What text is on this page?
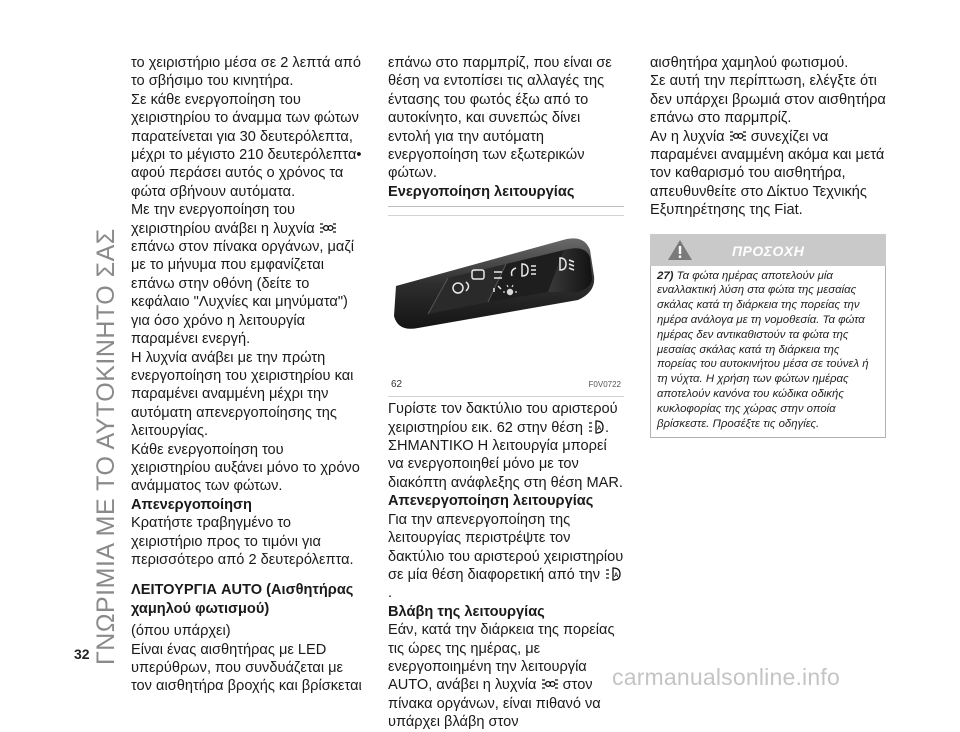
ΓΝΩΡΙΜΙΑ ΜΕ ΤΟ ΑΥΤΟΚΙΝΗΤΟ ΣΑΣ

το χειριστήριο μέσα σε 2 λεπτά από το σβήσιμο του κινητήρα.

Σε κάθε ενεργοποίηση του χειριστηρίου το άναμμα των φώτων παρατείνεται για 30 δευτερόλεπτα, μέχρι το μέγιστο 210 δευτερόλεπτα• αφού περάσει αυτός ο χρόνος τα φώτα σβήνουν αυτόματα.

Με την ενεργοποίηση του χειριστηρίου ανάβει η λυχνία  επάνω στον πίνακα οργάνων, μαζί με το μήνυμα που εμφανίζεται επάνω στην οθόνη (δείτε το κεφάλαιο "Λυχνίες και μηνύματα") για όσο χρόνο η λειτουργία παραμένει ενεργή.

Η λυχνία ανάβει με την πρώτη ενεργοποίηση του χειριστηρίου και παραμένει αναμμένη μέχρι την αυτόματη απενεργοποίησης της λειτουργίας.

Κάθε ενεργοποίηση του χειριστηρίου αυξάνει μόνο το χρόνο ανάμματος των φώτων.

Απενεργοποίηση

Κρατήστε τραβηγμένο το χειριστήριο προς το τιμόνι για περισσότερο από 2 δευτερόλεπτα.

ΛΕΙΤΟΥΡΓΙΑ AUTO (Αισθητήρας χαμηλού φωτισμού)

(όπου υπάρχει)

Είναι ένας αισθητήρας με LED υπερύθρων, που συνδυάζεται με τον αισθητήρα βροχής και βρίσκεται

επάνω στο παρμπρίζ, που είναι σε θέση να εντοπίσει τις αλλαγές της έντασης του φωτός έξω από το αυτοκίνητο, και συνεπώς δίνει εντολή για την αυτόματη ενεργοποίηση των εξωτερικών φώτων.

Ενεργοποίηση λειτουργίας
62	F0V0722

Γυρίστε τον δακτύλιο του αριστερού χειριστηρίου εικ. 62 στην θέση A .

ΣΗΜΑΝΤΙΚΟ Η λειτουργία μπορεί να ενεργοποιηθεί μόνο με τον διακόπτη ανάφλεξης στη θέση MAR.

Απενεργοποίηση λειτουργίας

Για την απενεργοποίηση της λειτουργίας περιστρέψτε τον δακτύλιο του αριστερού χειριστηρίου σε μία θέση διαφορετική από την A
.

Βλάβη της λειτουργίας

Εάν, κατά την διάρκεια της πορείας τις ώρες της ημέρας, με ενεργοποιημένη την λειτουργία AUTO, ανάβει η λυχνία στον πίνακα οργάνων, είναι πιθανό να υπάρχει βλάβη στον

αισθητήρα χαμηλού φωτισμού.

Σε αυτή την περίπτωση, ελέγξτε ότι δεν υπάρχει βρωμιά στον αισθητήρα επάνω στο παρμπρίζ.

Αν η λυχνία συνεχίζει να παραμένει αναμμένη ακόμα και μετά τον καθαρισμό του αισθητήρα, απευθυνθείτε στο Δίκτυο Τεχνικής Εξυπηρέτησης της Fiat.

ΠΡΟΣΟΧΗ
27) Τα φώτα ημέρας αποτελούν μία εναλλακτική λύση στα φώτα της μεσαίας σκάλας κατά τη διάρκεια της πορείας την ημέρα ανάλογα με τη νομοθεσία. Τα φώτα ημέρας δεν αντικαθιστούν τα φώτα της μεσαίας σκάλας κατά τη διάρκεια της πορείας του αυτοκινήτου μέσα σε τούνελ ή τη νύχτα. Η χρήση των φώτων ημέρας αποτελούν κανόνα του κώδικα οδικής κυκλοφορίας της χώρας στην οποία βρίσκεστε. Προσέξτε τις οδηγίες.
32
carmanualsonline.info
